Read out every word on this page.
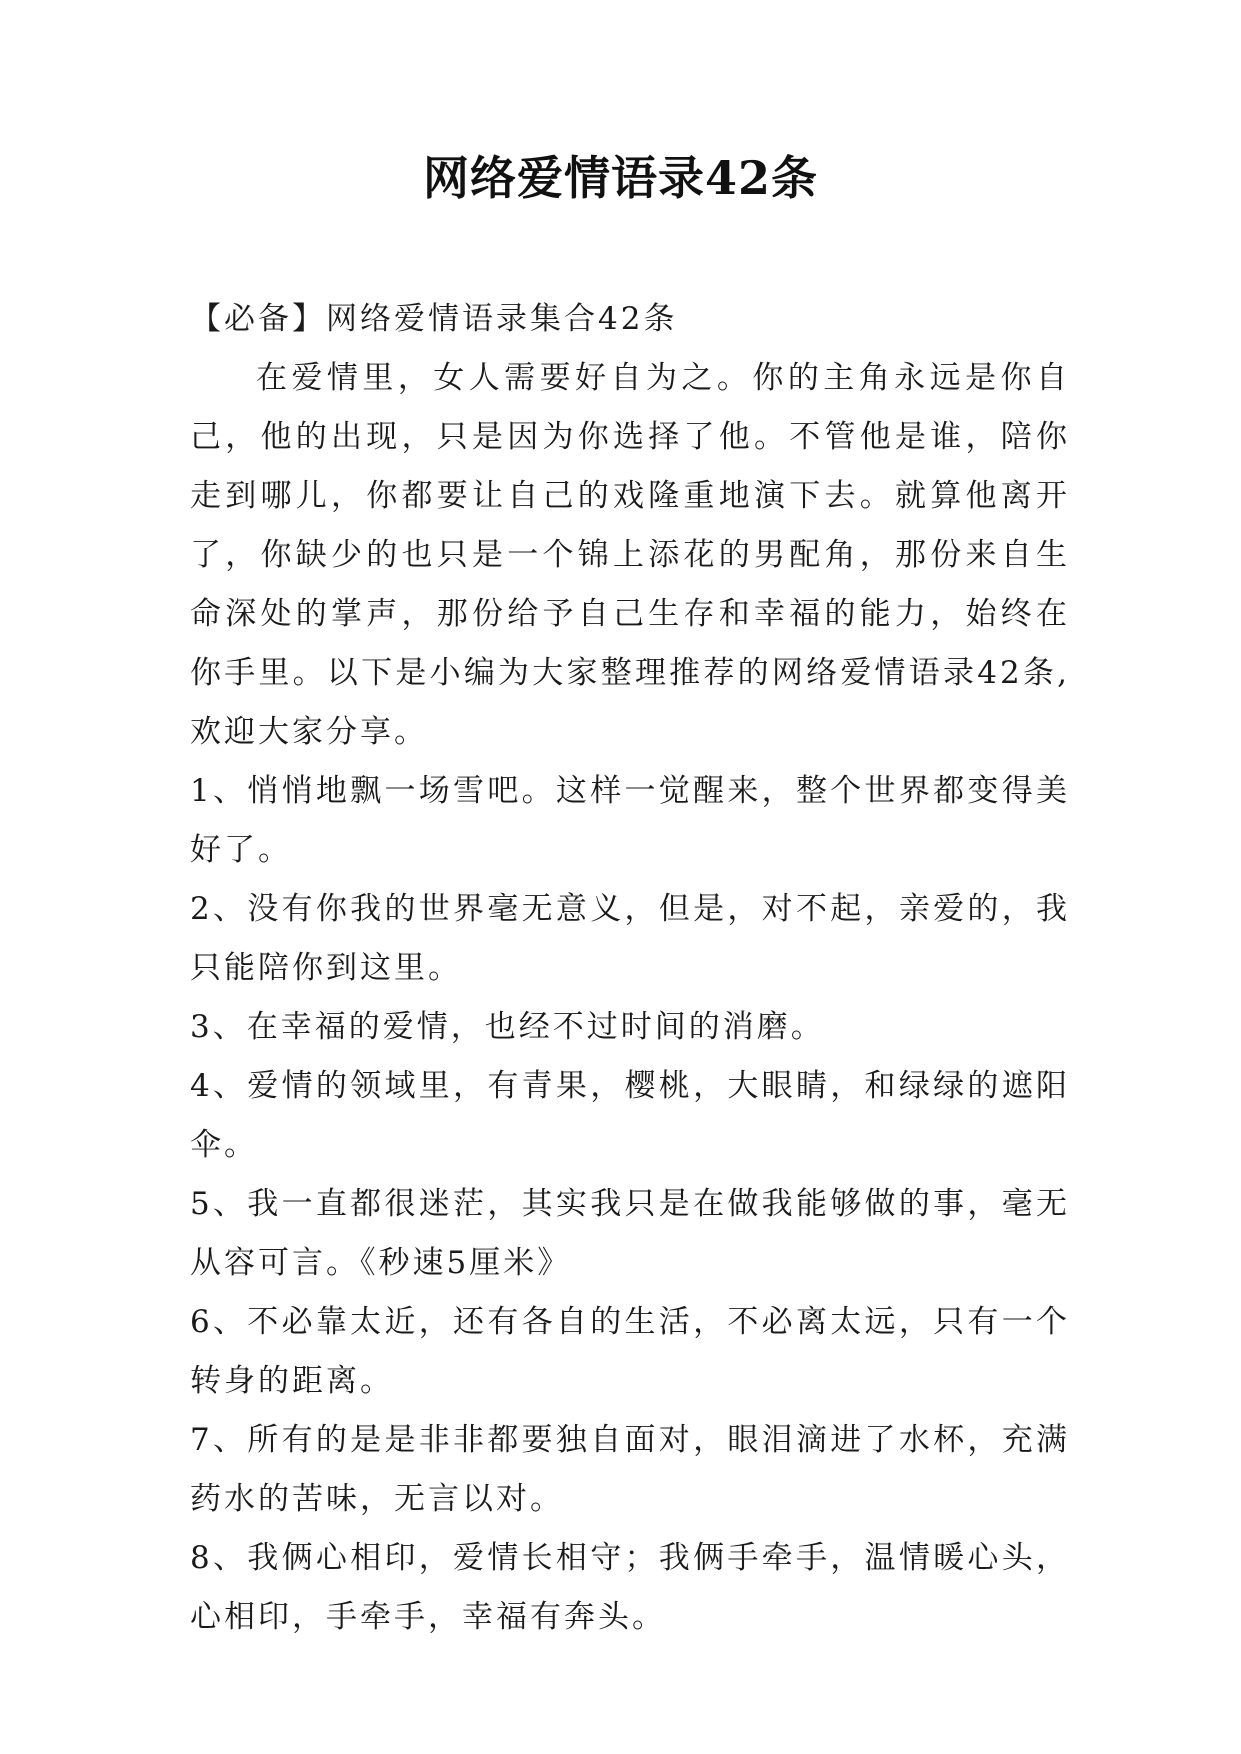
网络爱情语录42条

【必备】网络爱情语录集合42条

在爱情里，女人需要好自为之。你的主角永远是你自己，他的出现，只是因为你选择了他。不管他是谁，陪你走到哪儿，你都要让自己的戏隆重地演下去。就算他离开了，你缺少的也只是一个锦上添花的男配角，那份来自生命深处的掌声，那份给予自己生存和幸福的能力，始终在你手里。以下是小编为大家整理推荐的网络爱情语录42条,欢迎大家分享。

1、悄悄地飘一场雪吧。这样一觉醒来，整个世界都变得美好了。

2、没有你我的世界毫无意义，但是，对不起，亲爱的，我只能陪你到这里。

3、在幸福的爱情，也经不过时间的消磨。

4、爱情的领域里，有青果，樱桃，大眼睛，和绿绿的遮阳伞。

5、我一直都很迷茫，其实我只是在做我能够做的事，毫无从容可言。《秒速5厘米》

6、不必靠太近，还有各自的生活，不必离太远，只有一个转身的距离。

7、所有的是是非非都要独自面对，眼泪滴进了水杯，充满药水的苦味，无言以对。

8、我俩心相印，爱情长相守；我俩手牵手，温情暖心头，心相印，手牵手，幸福有奔头。
